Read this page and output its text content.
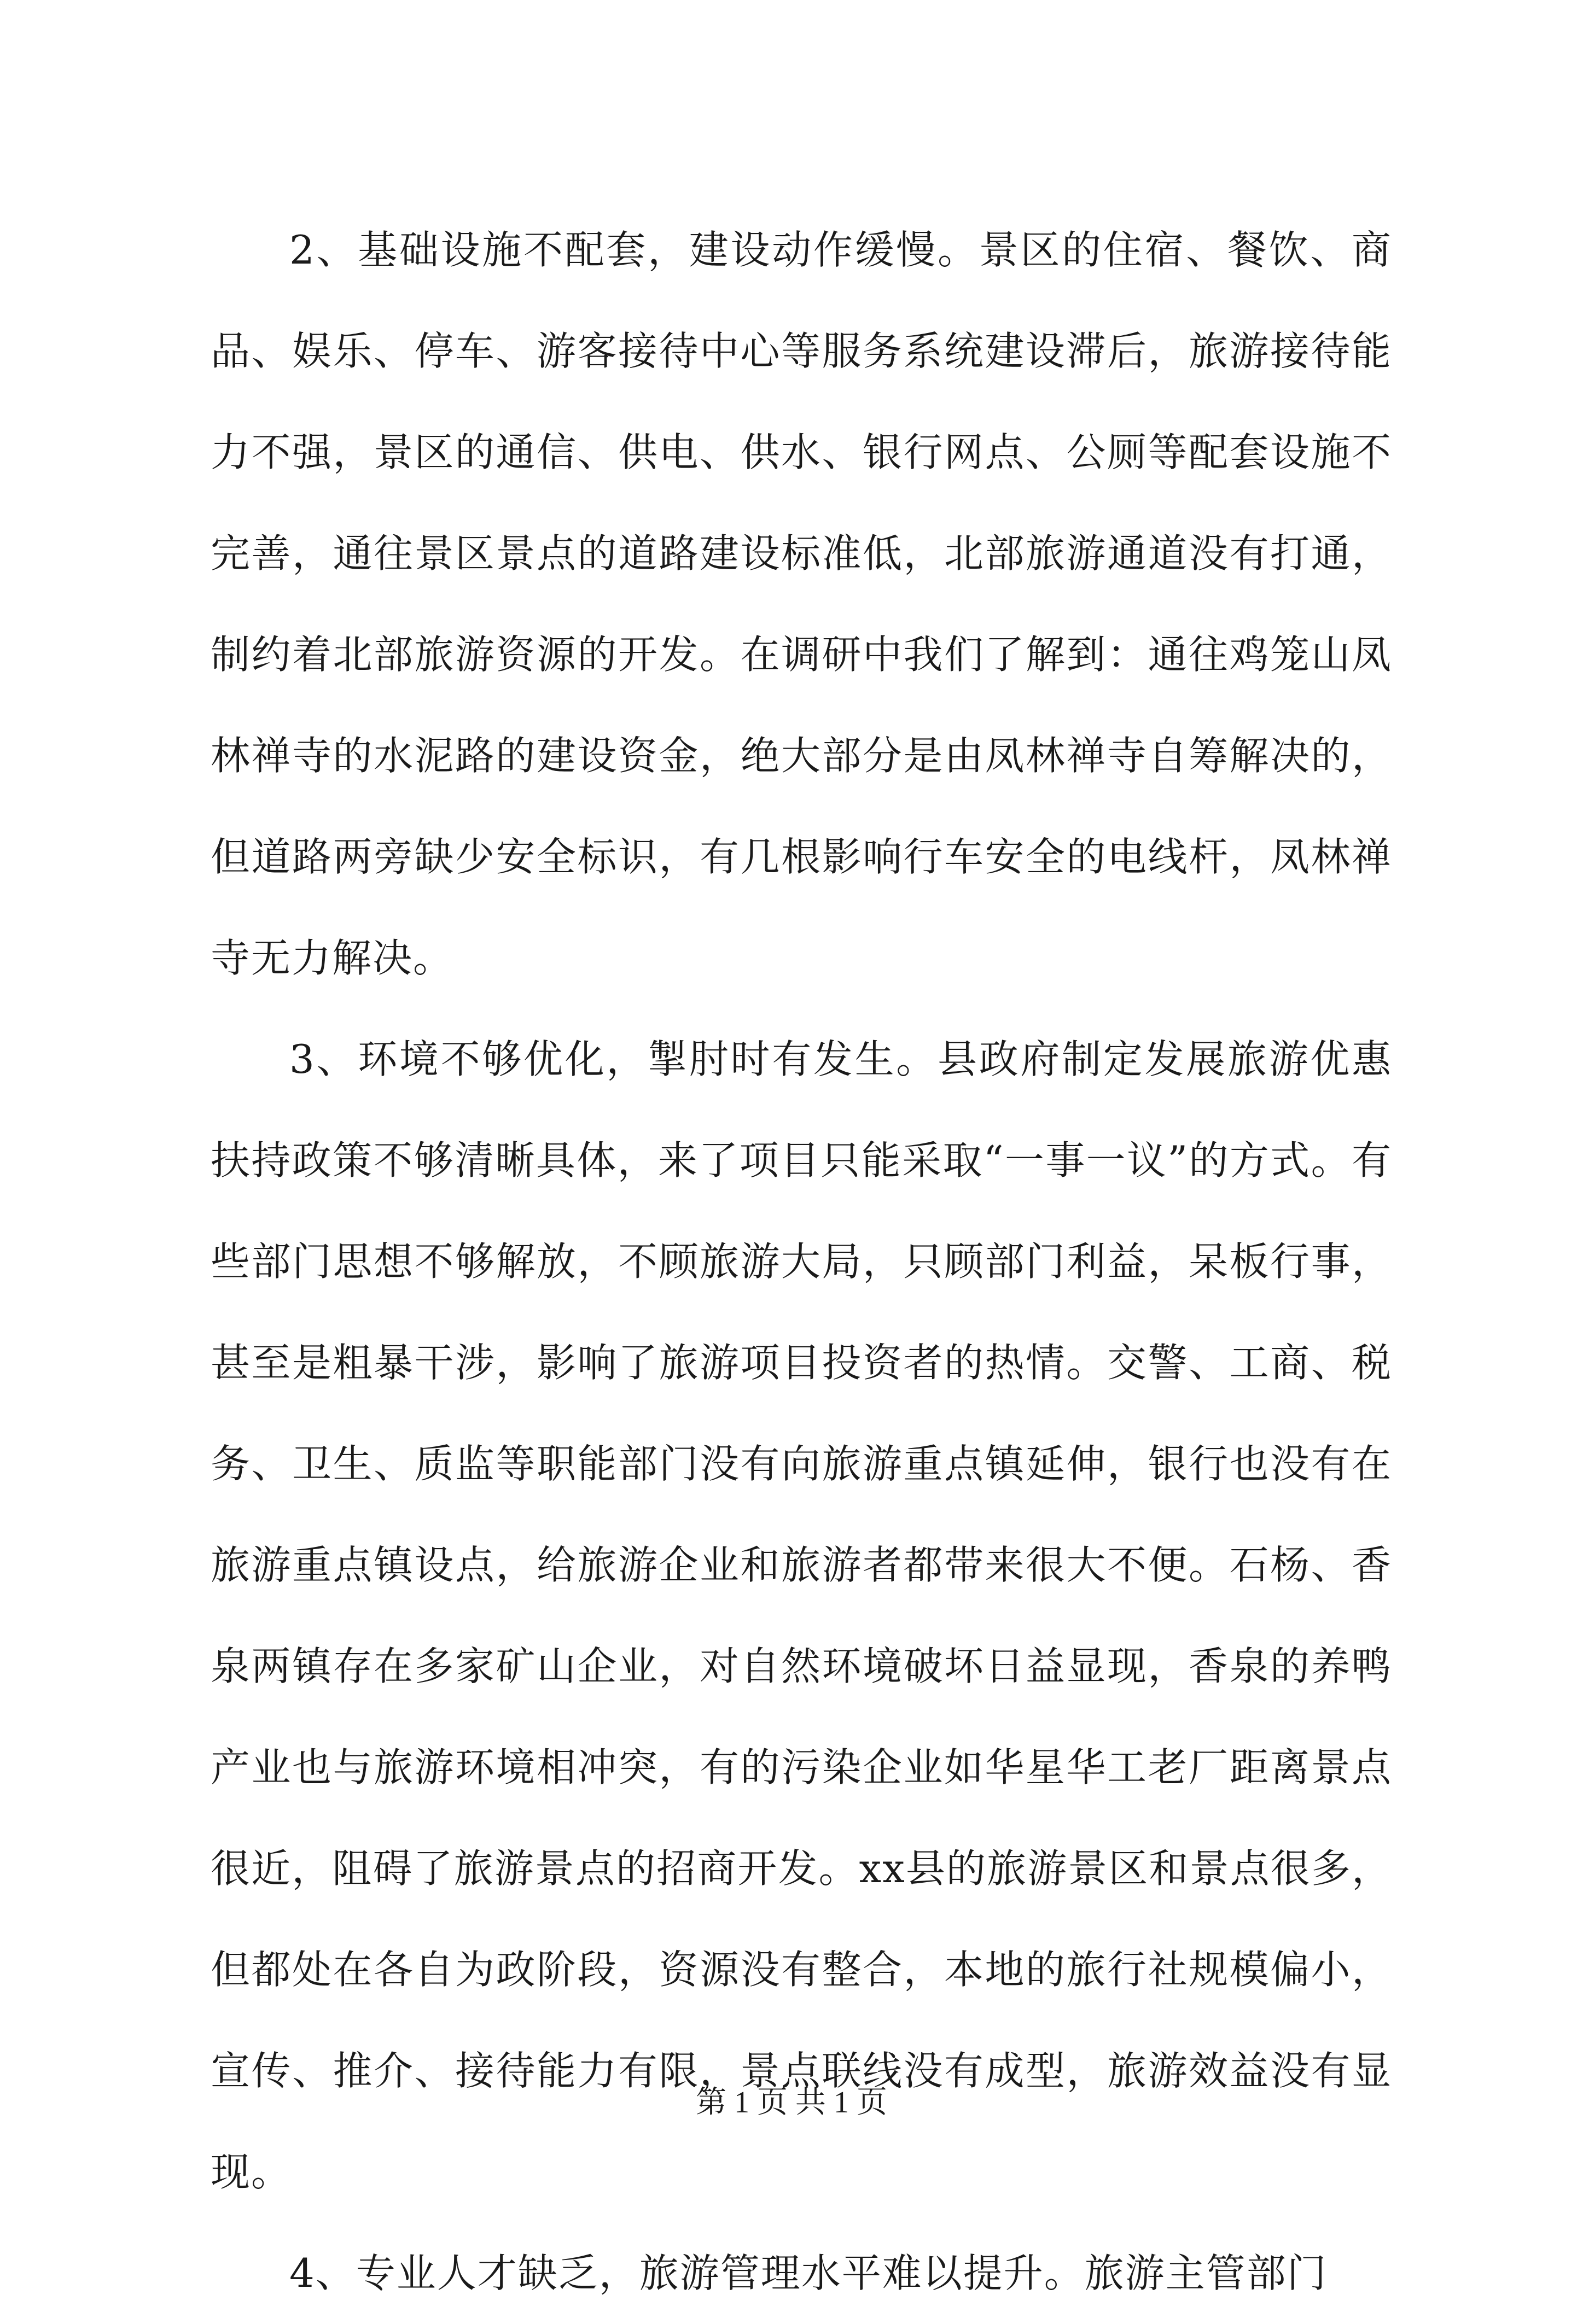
2、基础设施不配套，建设动作缓慢。景区的住宿、餐饮、商品、娱乐、停车、游客接待中心等服务系统建设滞后，旅游接待能力不强，景区的通信、供电、供水、银行网点、公厕等配套设施不完善，通往景区景点的道路建设标准低，北部旅游通道没有打通，制约着北部旅游资源的开发。在调研中我们了解到：通往鸡笼山凤林禅寺的水泥路的建设资金，绝大部分是由凤林禅寺自筹解决的，但道路两旁缺少安全标识，有几根影响行车安全的电线杆，凤林禅寺无力解决。

3、环境不够优化，掣肘时有发生。县政府制定发展旅游优惠扶持政策不够清晰具体，来了项目只能采取“一事一议”的方式。有些部门思想不够解放，不顾旅游大局，只顾部门利益，呆板行事，甚至是粗暴干涉，影响了旅游项目投资者的热情。交警、工商、税务、卫生、质监等职能部门没有向旅游重点镇延伸，银行也没有在旅游重点镇设点，给旅游企业和旅游者都带来很大不便。石杨、香泉两镇存在多家矿山企业，对自然环境破坏日益显现，香泉的养鸭产业也与旅游环境相冲突，有的污染企业如华星华工老厂距离景点很近，阻碍了旅游景点的招商开发。xx县的旅游景区和景点很多，但都处在各自为政阶段，资源没有整合，本地的旅行社规模偏小，宣传、推介、接待能力有限，景点联线没有成型，旅游效益没有显现。

4、专业人才缺乏，旅游管理水平难以提升。旅游主管部门

第 1 页 共 1 页
